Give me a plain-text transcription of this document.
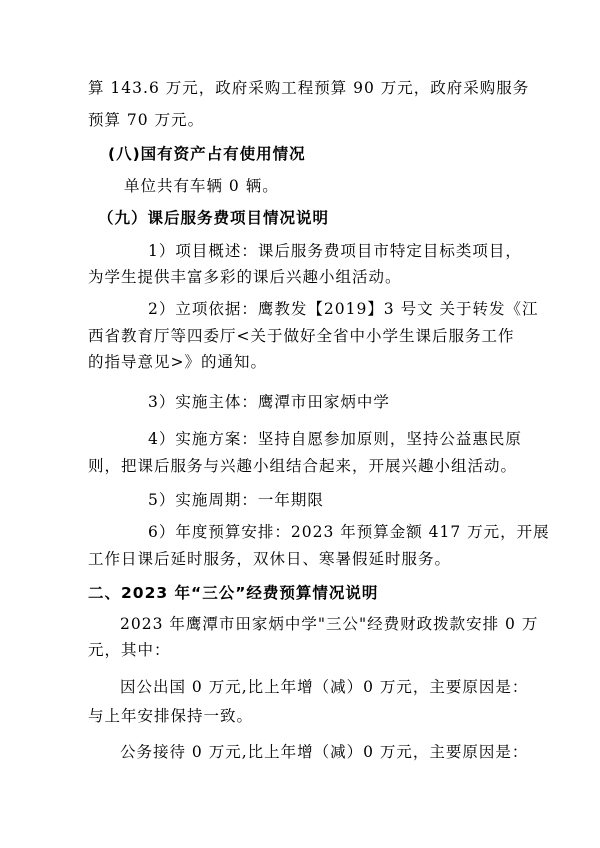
算 143.6 万元，政府采购工程预算 90 万元，政府采购服务
预算 70 万元。
(八)国有资产占有使用情况
单位共有车辆 0 辆。
（九）课后服务费项目情况说明
1）项目概述：课后服务费项目市特定目标类项目，
为学生提供丰富多彩的课后兴趣小组活动。
2）立项依据：鹰教发【2019】3 号文 关于转发《江
西省教育厅等四委厅<关于做好全省中小学生课后服务工作
的指导意见>》的通知。
3）实施主体：鹰潭市田家炳中学
4）实施方案：坚持自愿参加原则，坚持公益惠民原
则，把课后服务与兴趣小组结合起来，开展兴趣小组活动。
5）实施周期：一年期限
6）年度预算安排：2023 年预算金额 417 万元，开展
工作日课后延时服务，双休日、寒暑假延时服务。
二、2023 年“三公”经费预算情况说明
2023 年鹰潭市田家炳中学"三公"经费财政拨款安排 0 万
元，其中：
因公出国 0 万元,比上年增（减）0 万元，主要原因是：
与上年安排保持一致。
公务接待 0 万元,比上年增（减）0 万元，主要原因是：
